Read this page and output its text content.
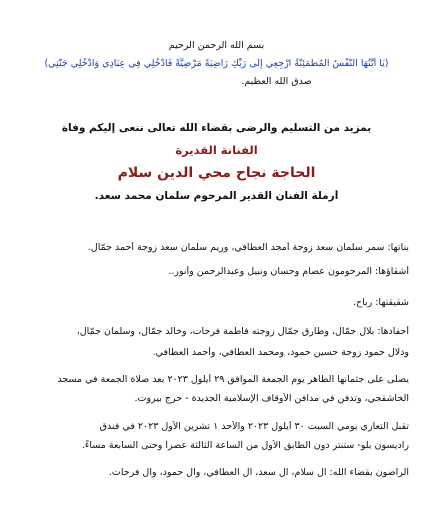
بسم الله الرحمن الرحيم
(يَا أَيَّتُهَا النَّفْسُ الْمُطْمَئِنَّةُ ارْجِعِي إِلَى رَبِّكِ رَاضِيَةً مَرْضِيَّةً فَادْخُلِي فِي عِبَادِي وَادْخُلِي جَنَّتِي)
صدق الله العظيم.
بمزيد من التسليم والرضى بقضاء الله تعالى ننعى إليكم وفاة
الفنانة القديرة
الحاجة نجاح محي الدين سلام
أرملة الفنان القدير المرحوم سلمان محمد سعد.
بناتها: سمر سلمان سعد زوجة أمجد العطافي، وريم سلمان سعد زوجة أحمد جمّال.
أشقاؤها: المرحومون عصام وحسان ونبيل وعبدالرحمن وأنور..
شقيقتها: رباح.
أحفادها: بلال جمّال، وطارق جمّال زوجته فاطمة فرحات، وخالد جمّال، وسلمان جمّال،
ودلال حمود زوجة حسين حمود، ومحمد العطافي، وأحمد العطافي.
يصلى على جثمانها الطاهر يوم الجمعة الموافق ٢٩ أيلول ٢٠٢٣ بعد صلاة الجمعة في مسجد
الخاشقجي، وتدفن في مدافن الأوقاف الإسلامية الجديدة - حرج بيروت.
تقبل التعازي يومي السبت ٣٠ أيلول ٢٠٢٣ والأحد ١ تشرين الأول ٢٠٢٣ في فندق
راديسون بلو- ستنتر دون الطابق الأول من الساعة الثالثة عصراً وحتى السابعة مساءً.
الراضون بقضاء الله: آل سلام، آل سعد، آل العطافي، وآل حمود، وآل فرحات.
